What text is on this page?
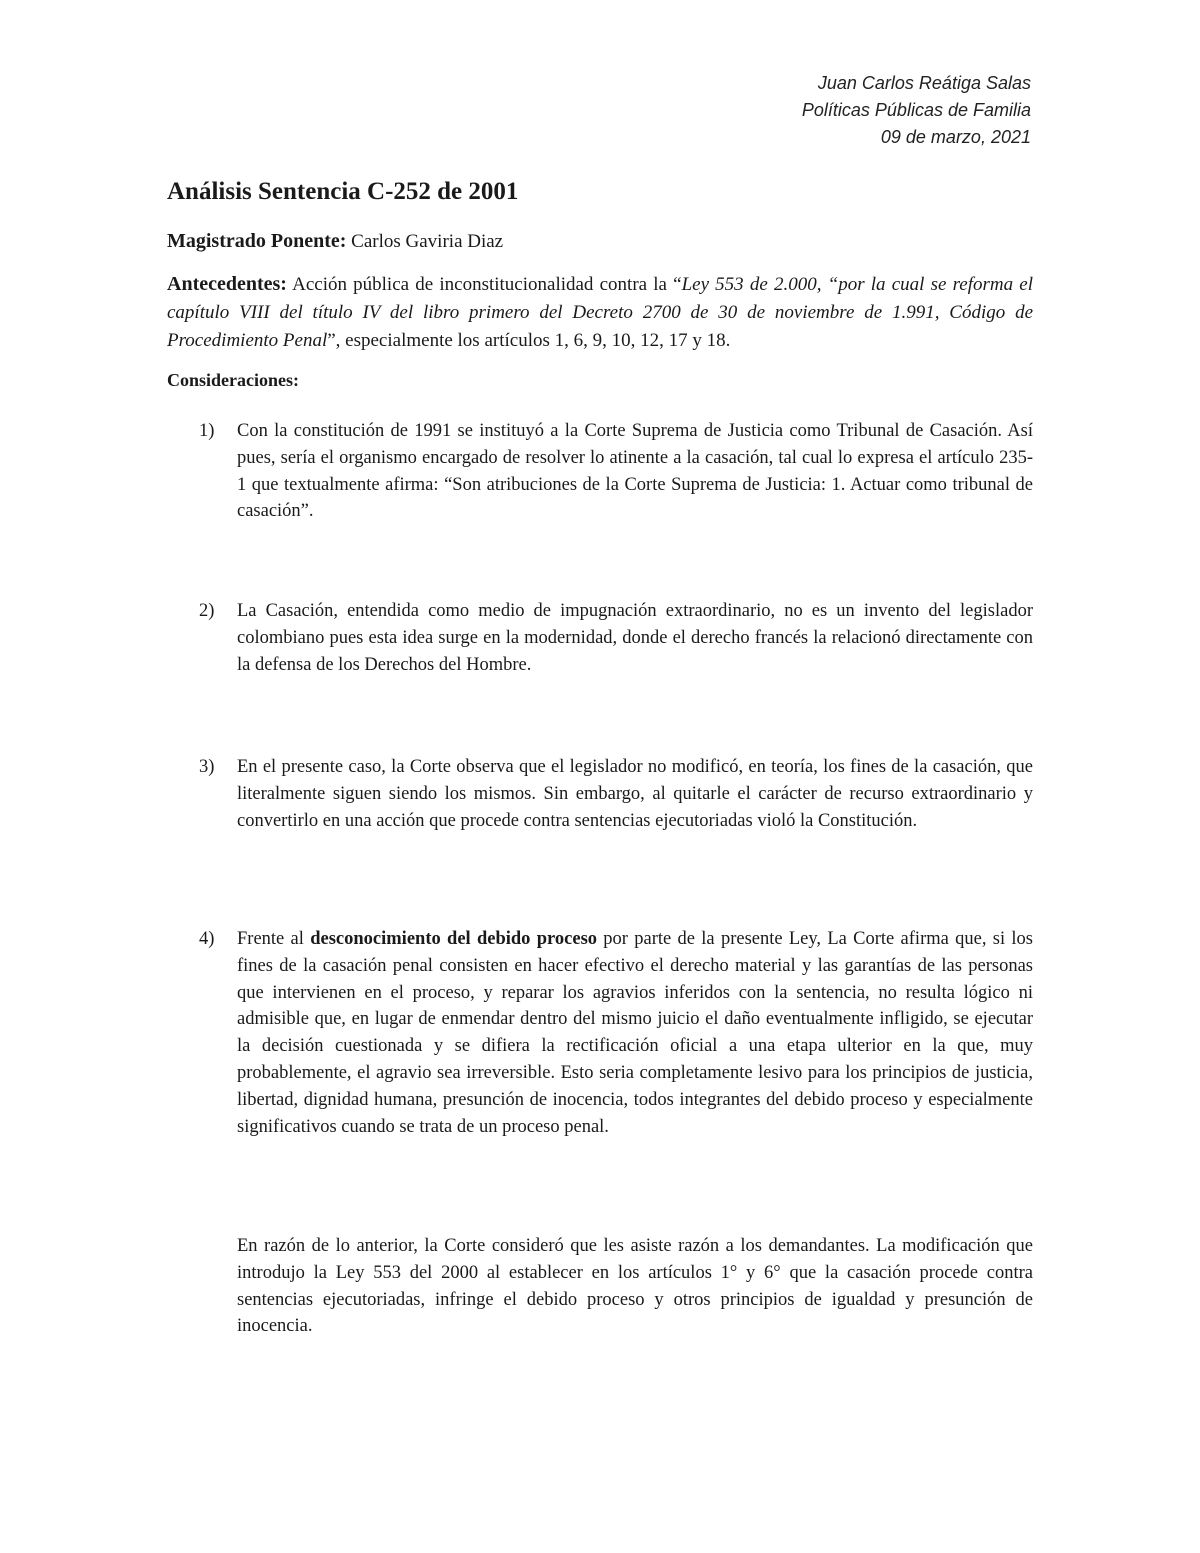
Juan Carlos Reátiga Salas
Políticas Públicas de Familia
09 de marzo, 2021
Análisis Sentencia C-252 de 2001

Magistrado Ponente: Carlos Gaviria Diaz

Antecedentes: Acción pública de inconstitucionalidad contra la “Ley 553 de 2.000, “por la cual se reforma el capítulo VIII del título IV del libro primero del Decreto 2700 de 30 de noviembre de 1.991, Código de Procedimiento Penal”, especialmente los artículos 1, 6, 9, 10, 12, 17 y 18.

Consideraciones:

1) Con la constitución de 1991 se instituyó a la Corte Suprema de Justicia como Tribunal de Casación. Así pues, sería el organismo encargado de resolver lo atinente a la casación, tal cual lo expresa el artículo 235-1 que textualmente afirma: “Son atribuciones de la Corte Suprema de Justicia: 1. Actuar como tribunal de casación”.

2) La Casación, entendida como medio de impugnación extraordinario, no es un invento del legislador colombiano pues esta idea surge en la modernidad, donde el derecho francés la relacionó directamente con la defensa de los Derechos del Hombre.

3) En el presente caso, la Corte observa que el legislador no modificó, en teoría, los fines de la casación, que literalmente siguen siendo los mismos. Sin embargo, al quitarle el carácter de recurso extraordinario y convertirlo en una acción que procede contra sentencias ejecutoriadas violó la Constitución.

4) Frente al desconocimiento del debido proceso por parte de la presente Ley, La Corte afirma que, si los fines de la casación penal consisten en hacer efectivo el derecho material y las garantías de las personas que intervienen en el proceso, y reparar los agravios inferidos con la sentencia, no resulta lógico ni admisible que, en lugar de enmendar dentro del mismo juicio el daño eventualmente infligido, se ejecutar la decisión cuestionada y se difiera la rectificación oficial a una etapa ulterior en la que, muy probablemente, el agravio sea irreversible. Esto seria completamente lesivo para los principios de justicia, libertad, dignidad humana, presunción de inocencia, todos integrantes del debido proceso y especialmente significativos cuando se trata de un proceso penal.

En razón de lo anterior, la Corte consideró que les asiste razón a los demandantes. La modificación que introdujo la Ley 553 del 2000 al establecer en los artículos 1° y 6° que la casación procede contra sentencias ejecutoriadas, infringe el debido proceso y otros principios de igualdad y presunción de inocencia.
